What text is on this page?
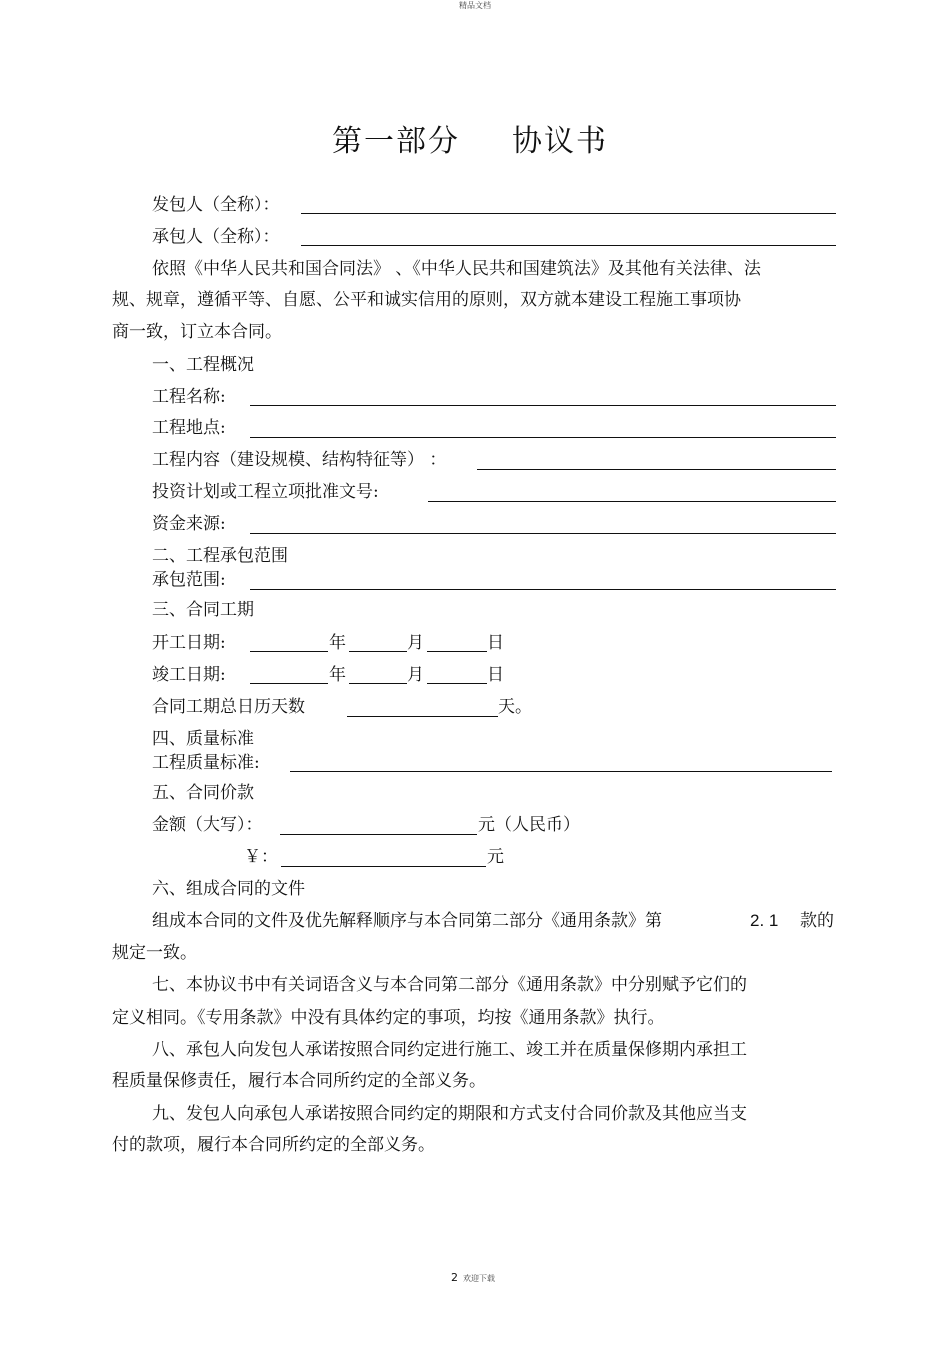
精品文档
第一部分 协议书
发包人（全称）：
承包人（全称）：
依照《中华人民共和国合同法》 、《中华人民共和国建筑法》及其他有关法律、法
规、规章，遵循平等、自愿、公平和诚实信用的原则，双方就本建设工程施工事项协
商一致，订立本合同。
一、工程概况
工程名称:
工程地点:
工程内容（建设规模、结构特征等） ：
投资计划或工程立项批准文号:
资金来源:
二、工程承包范围
承包范围:
三、合同工期
开工日期:	年	月	日
竣工日期:	年	月	日
合同工期总日历天数	天。
四、质量标准
工程质量标准:
五、合同价款
金额（大写）：	元（人民币）
￥：	元
六、组成合同的文件
组成本合同的文件及优先解释顺序与本合同第二部分《通用条款》第	2. 1 款的
规定一致。
七、本协议书中有关词语含义与本合同第二部分《通用条款》中分别赋予它们的
定义相同。《专用条款》中没有具体约定的事项，均按《通用条款》执行。
八、承包人向发包人承诺按照合同约定进行施工、竣工并在质量保修期内承担工
程质量保修责任，履行本合同所约定的全部义务。
九、发包人向承包人承诺按照合同约定的期限和方式支付合同价款及其他应当支
付的款项，履行本合同所约定的全部义务。
2 欢迎下载
